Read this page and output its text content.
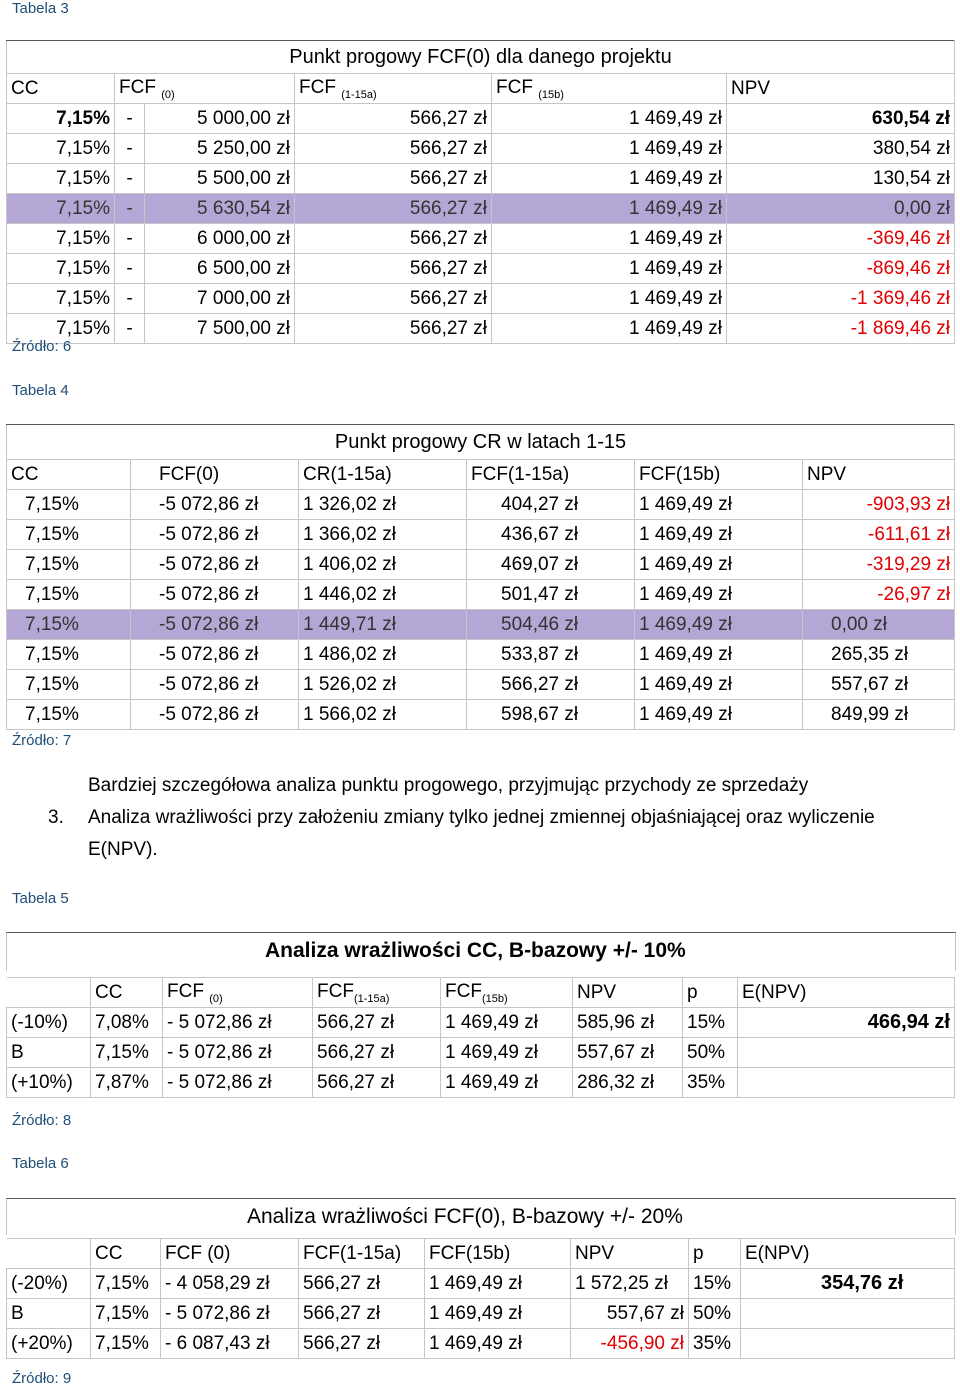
Tabela 3
Punkt progowy FCF(0) dla danego projektu					
CC	FCF $_{(0)}$		FCF $_{(1-15a)}$	FCF $_{(15b)}$	NPV
7,15%	-	5 000,00 zł	566,27 zł	1 469,49 zł	630,54 zł
7,15%	-	5 250,00 zł	566,27 zł	1 469,49 zł	380,54 zł
7,15%	-	5 500,00 zł	566,27 zł	1 469,49 zł	130,54 zł
7,15%	-	5 630,54 zł	566,27 zł	1 469,49 zł	0,00 zł
7,15%	-	6 000,00 zł	566,27 zł	1 469,49 zł	-369,46 zł
7,15%	-	6 500,00 zł	566,27 zł	1 469,49 zł	-869,46 zł
7,15%	-	7 000,00 zł	566,27 zł	1 469,49 zł	-1 369,46 zł
7,15%	-	7 500,00 zł	566,27 zł	1 469,49 zł	-1 869,46 zł
Źródło: 6
Tabela 4
Punkt progowy CR w latach 1-15					
CC	FCF(0)	CR(1-15a)	FCF(1-15a)	FCF(15b)	NPV
7,15%	-5 072,86 zł	1 326,02 zł	404,27 zł	1 469,49 zł	-903,93 zł
7,15%	-5 072,86 zł	1 366,02 zł	436,67 zł	1 469,49 zł	-611,61 zł
7,15%	-5 072,86 zł	1 406,02 zł	469,07 zł	1 469,49 zł	-319,29 zł
7,15%	-5 072,86 zł	1 446,02 zł	501,47 zł	1 469,49 zł	-26,97 zł
7,15%	-5 072,86 zł	1 449,71 zł	504,46 zł	1 469,49 zł	0,00 zł
7,15%	-5 072,86 zł	1 486,02 zł	533,87 zł	1 469,49 zł	265,35 zł
7,15%	-5 072,86 zł	1 526,02 zł	566,27 zł	1 469,49 zł	557,67 zł
7,15%	-5 072,86 zł	1 566,02 zł	598,67 zł	1 469,49 zł	849,99 zł
Źródło: 7
Bardziej szczegółowa analiza punktu progowego, przyjmując przychody ze sprzedaży
3. Analiza wrażliwości przy założeniu zmiany tylko jednej zmiennej objaśniającej oraz wyliczenie
E(NPV).
Tabela 5
Analiza wrażliwości CC, B-bazowy +/- 10%
	CC	FCF $_{(0)}$	$FCF_{(1-15a)}$	$FCF_{(15b)}$	NPV	p	E(NPV)
(-10%)	7,08%	- 5 072,86 zł	566,27 zł	1 469,49 zł	585,96 zł	15%	466,94 zł
B	7,15%	- 5 072,86 zł	566,27 zł	1 469,49 zł	557,67 zł	50%	
(+10%)	7,87%	- 5 072,86 zł	566,27 zł	1 469,49 zł	286,32 zł	35%	
Źródło: 8
Tabela 6
Analiza wrażliwości FCF(0), B-bazowy +/- 20%
	CC	FCF (0)	FCF(1-15a)	FCF(15b)	NPV	p	E(NPV)
(-20%)	7,15%	- 4 058,29 zł	566,27 zł	1 469,49 zł	1 572,25 zł	15%	354,76 zł
B	7,15%	- 5 072,86 zł	566,27 zł	1 469,49 zł	557,67 zł	50%	
(+20%)	7,15%	- 6 087,43 zł	566,27 zł	1 469,49 zł	-456,90 zł	35%	
Źródło: 9
